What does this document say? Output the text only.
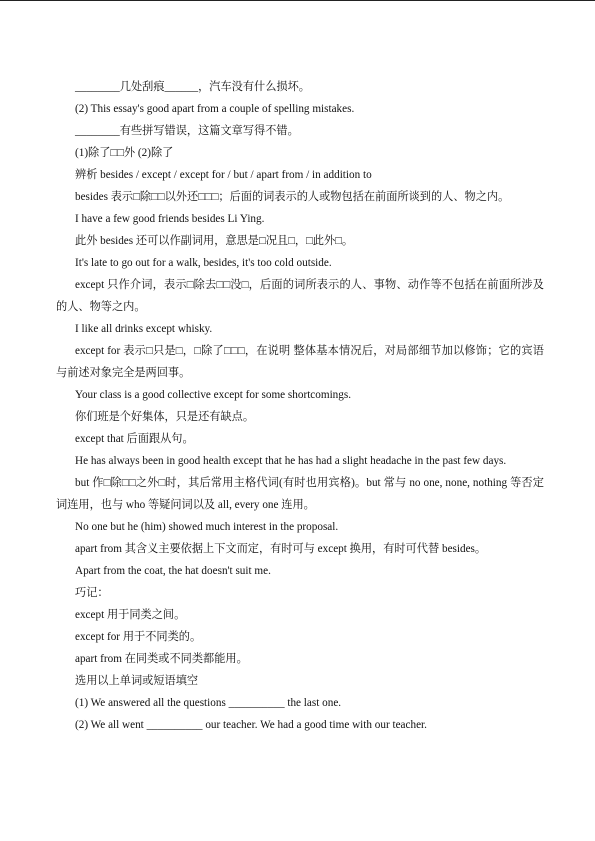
________几处刮痕______，汽车没有什么损坏。

(2) This essay's good apart from a couple of spelling mistakes.

________有些拼写错误，这篇文章写得不错。

(1)除了□□外 (2)除了

辨析 besides / except / except for / but / apart from / in addition to

besides 表示□除□□以外还□□□；后面的词表示的人或物包括在前面所谈到的人、物之内。

I have a few good friends besides Li Ying.

此外 besides 还可以作副词用，意思是□况且□，□此外□。

It's late to go out for a walk, besides, it's too cold outside.

except 只作介词，表示□除去□□没□，后面的词所表示的人、事物、动作等不包括在前面所涉及的人、物等之内。

I like all drinks except whisky.

except for 表示□只是□，□除了□□□，在说明 整体基本情况后，对局部细节加以修饰；它的宾语与前述对象完全是两回事。

Your class is a good collective except for some shortcomings.

你们班是个好集体，只是还有缺点。

except that 后面跟从句。

He has always been in good health except that he has had a slight headache in the past few days.

but 作□除□□之外□时，其后常用主格代词(有时也用宾格)。but 常与 no one, none, nothing 等否定词连用，也与 who 等疑问词以及 all, every one 连用。

No one but he (him) showed much interest in the proposal.

apart from 其含义主要依据上下文而定，有时可与 except 换用，有时可代替 besides。

Apart from the coat, the hat doesn't suit me.

巧记：

except 用于同类之间。

except for 用于不同类的。

apart from 在同类或不同类都能用。

选用以上单词或短语填空

(1) We answered all the questions __________ the last one.

(2) We all went __________ our teacher. We had a good time with our teacher.
